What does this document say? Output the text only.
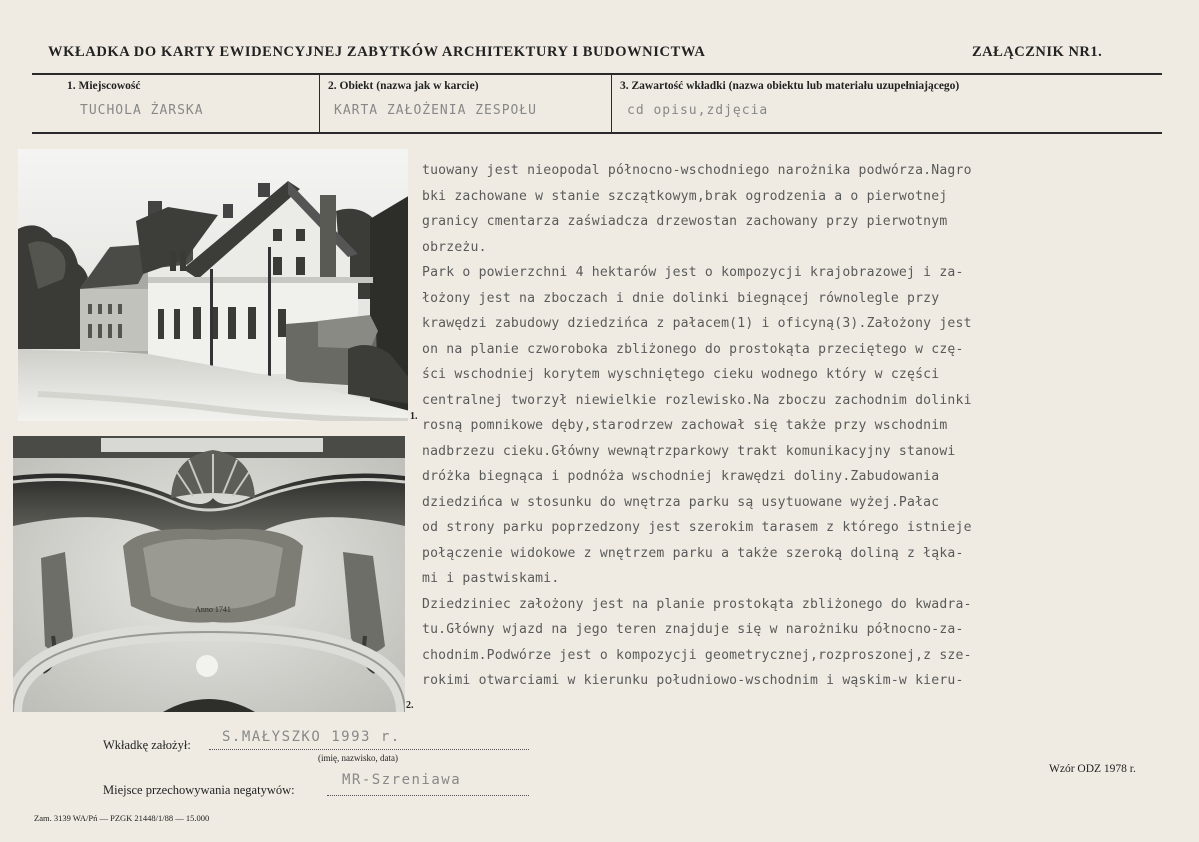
WKŁADKA DO KARTY EWIDENCYJNEJ ZABYTKÓW ARCHITEKTURY I BUDOWNICTWA	ZAŁĄCZNIK NR1.
1. Miejscowość
TUCHOLA ŻARSKA
2. Obiekt (nazwa jak w karcie)
KARTA ZAŁOŻENIA ZESPOŁU
3. Zawartość wkładki (nazwa obiektu lub materiału uzupełniającego)
cd opisu,zdjęcia
1.
Anno 1741
2.
tuowany jest nieopodal północno-wschodniego narożnika podwórza.Nagro
bki zachowane w stanie szczątkowym,brak ogrodzenia a o pierwotnej
granicy cmentarza zaświadcza drzewostan zachowany przy pierwotnym
obrzeżu.
Park o powierzchni 4 hektarów jest o kompozycji krajobrazowej i za-
łożony jest na zboczach i dnie dolinki biegnącej równolegle przy
krawędzi zabudowy dziedzińca z pałacem(1) i oficyną(3).Założony jest
on na planie czworoboka zbliżonego do prostokąta przeciętego w czę-
ści wschodniej korytem wyschniętego cieku wodnego który w części
centralnej tworzył niewielkie rozlewisko.Na zboczu zachodnim dolinki
rosną pomnikowe dęby,starodrzew zachował się także przy wschodnim
nadbrzezu cieku.Główny wewnątrzparkowy trakt komunikacyjny stanowi
dróżka biegnąca i podnóża wschodniej krawędzi doliny.Zabudowania
dziedzińca w stosunku do wnętrza parku są usytuowane wyżej.Pałac
od strony parku poprzedzony jest szerokim tarasem z którego istnieje
połączenie widokowe z wnętrzem parku a także szeroką doliną z łąka-
mi i pastwiskami.
Dziedziniec założony jest na planie prostokąta zbliżonego do kwadra-
tu.Główny wjazd na jego teren znajduje się w narożniku północno-za-
chodnim.Podwórze jest o kompozycji geometrycznej,rozproszonej,z sze-
rokimi otwarciami w kierunku południowo-wschodnim i wąskim-w kieru-
Wkładkę założył: S.MAŁYSZKO 1993 r.
(imię, nazwisko, data)
Miejsce przechowywania negatywów:
MR-Szreniawa
Wzór ODZ 1978 r.
Zam. 3139 WA/Pń — PZGK 21448/1/88 — 15.000
